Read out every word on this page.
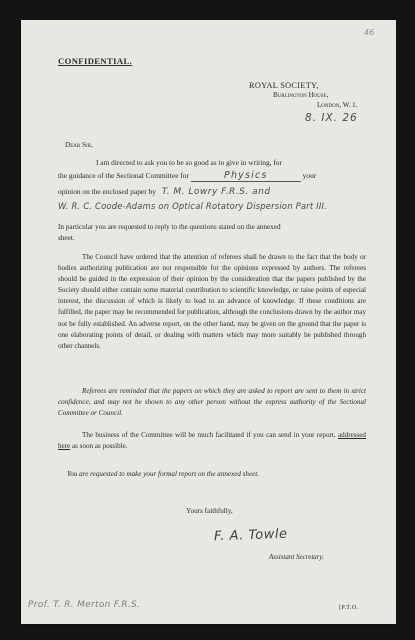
46
CONFIDENTIAL.
ROYAL SOCIETY,
Burlington House,
London, W. 1.
8. IX. 26
Dear Sir,
I am directed to ask you to be so good as to give in writing, for
the guidance of the Sectional Committee for	Physics	your
opinion on the enclosed paper by T. M. Lowry F.R.S. and
W. R. C. Coode-Adams on Optical Rotatory Dispersion Part III.
In particular you are requested to reply to the questions stated on the annexed
sheet.

The Council have ordered that the attention of referees shall be drawn to the fact that the body or bodies authorizing publication are not responsible for the opinions expressed by authors. The referees should be guided in the expression of their opinion by the consideration that the papers published by the Society should either contain some material contribution to scientific knowledge, or raise points of especial interest, the discussion of which is likely to lead to an advance of knowledge. If these conditions are fulfilled, the paper may be recommended for publication, although the conclusions drawn by the author may not be fully established. An adverse report, on the other hand, may be given on the ground that the paper is one elaborating points of detail, or dealing with matters which may more suitably be published through other channels.

Referees are reminded that the papers on which they are asked to report are sent to them in strict confidence, and may not be shown to any other person without the express authority of the Sectional Committee or Council.

The business of the Committee will be much facilitated if you can send in your report, addressed here as soon as possible.

You are requested to make your formal report on the annexed sheet.
Yours faithfully,
F. A. Towle
Assistant Secretary.
Prof. T. R. Merton F.R.S.	[P.T.O.
